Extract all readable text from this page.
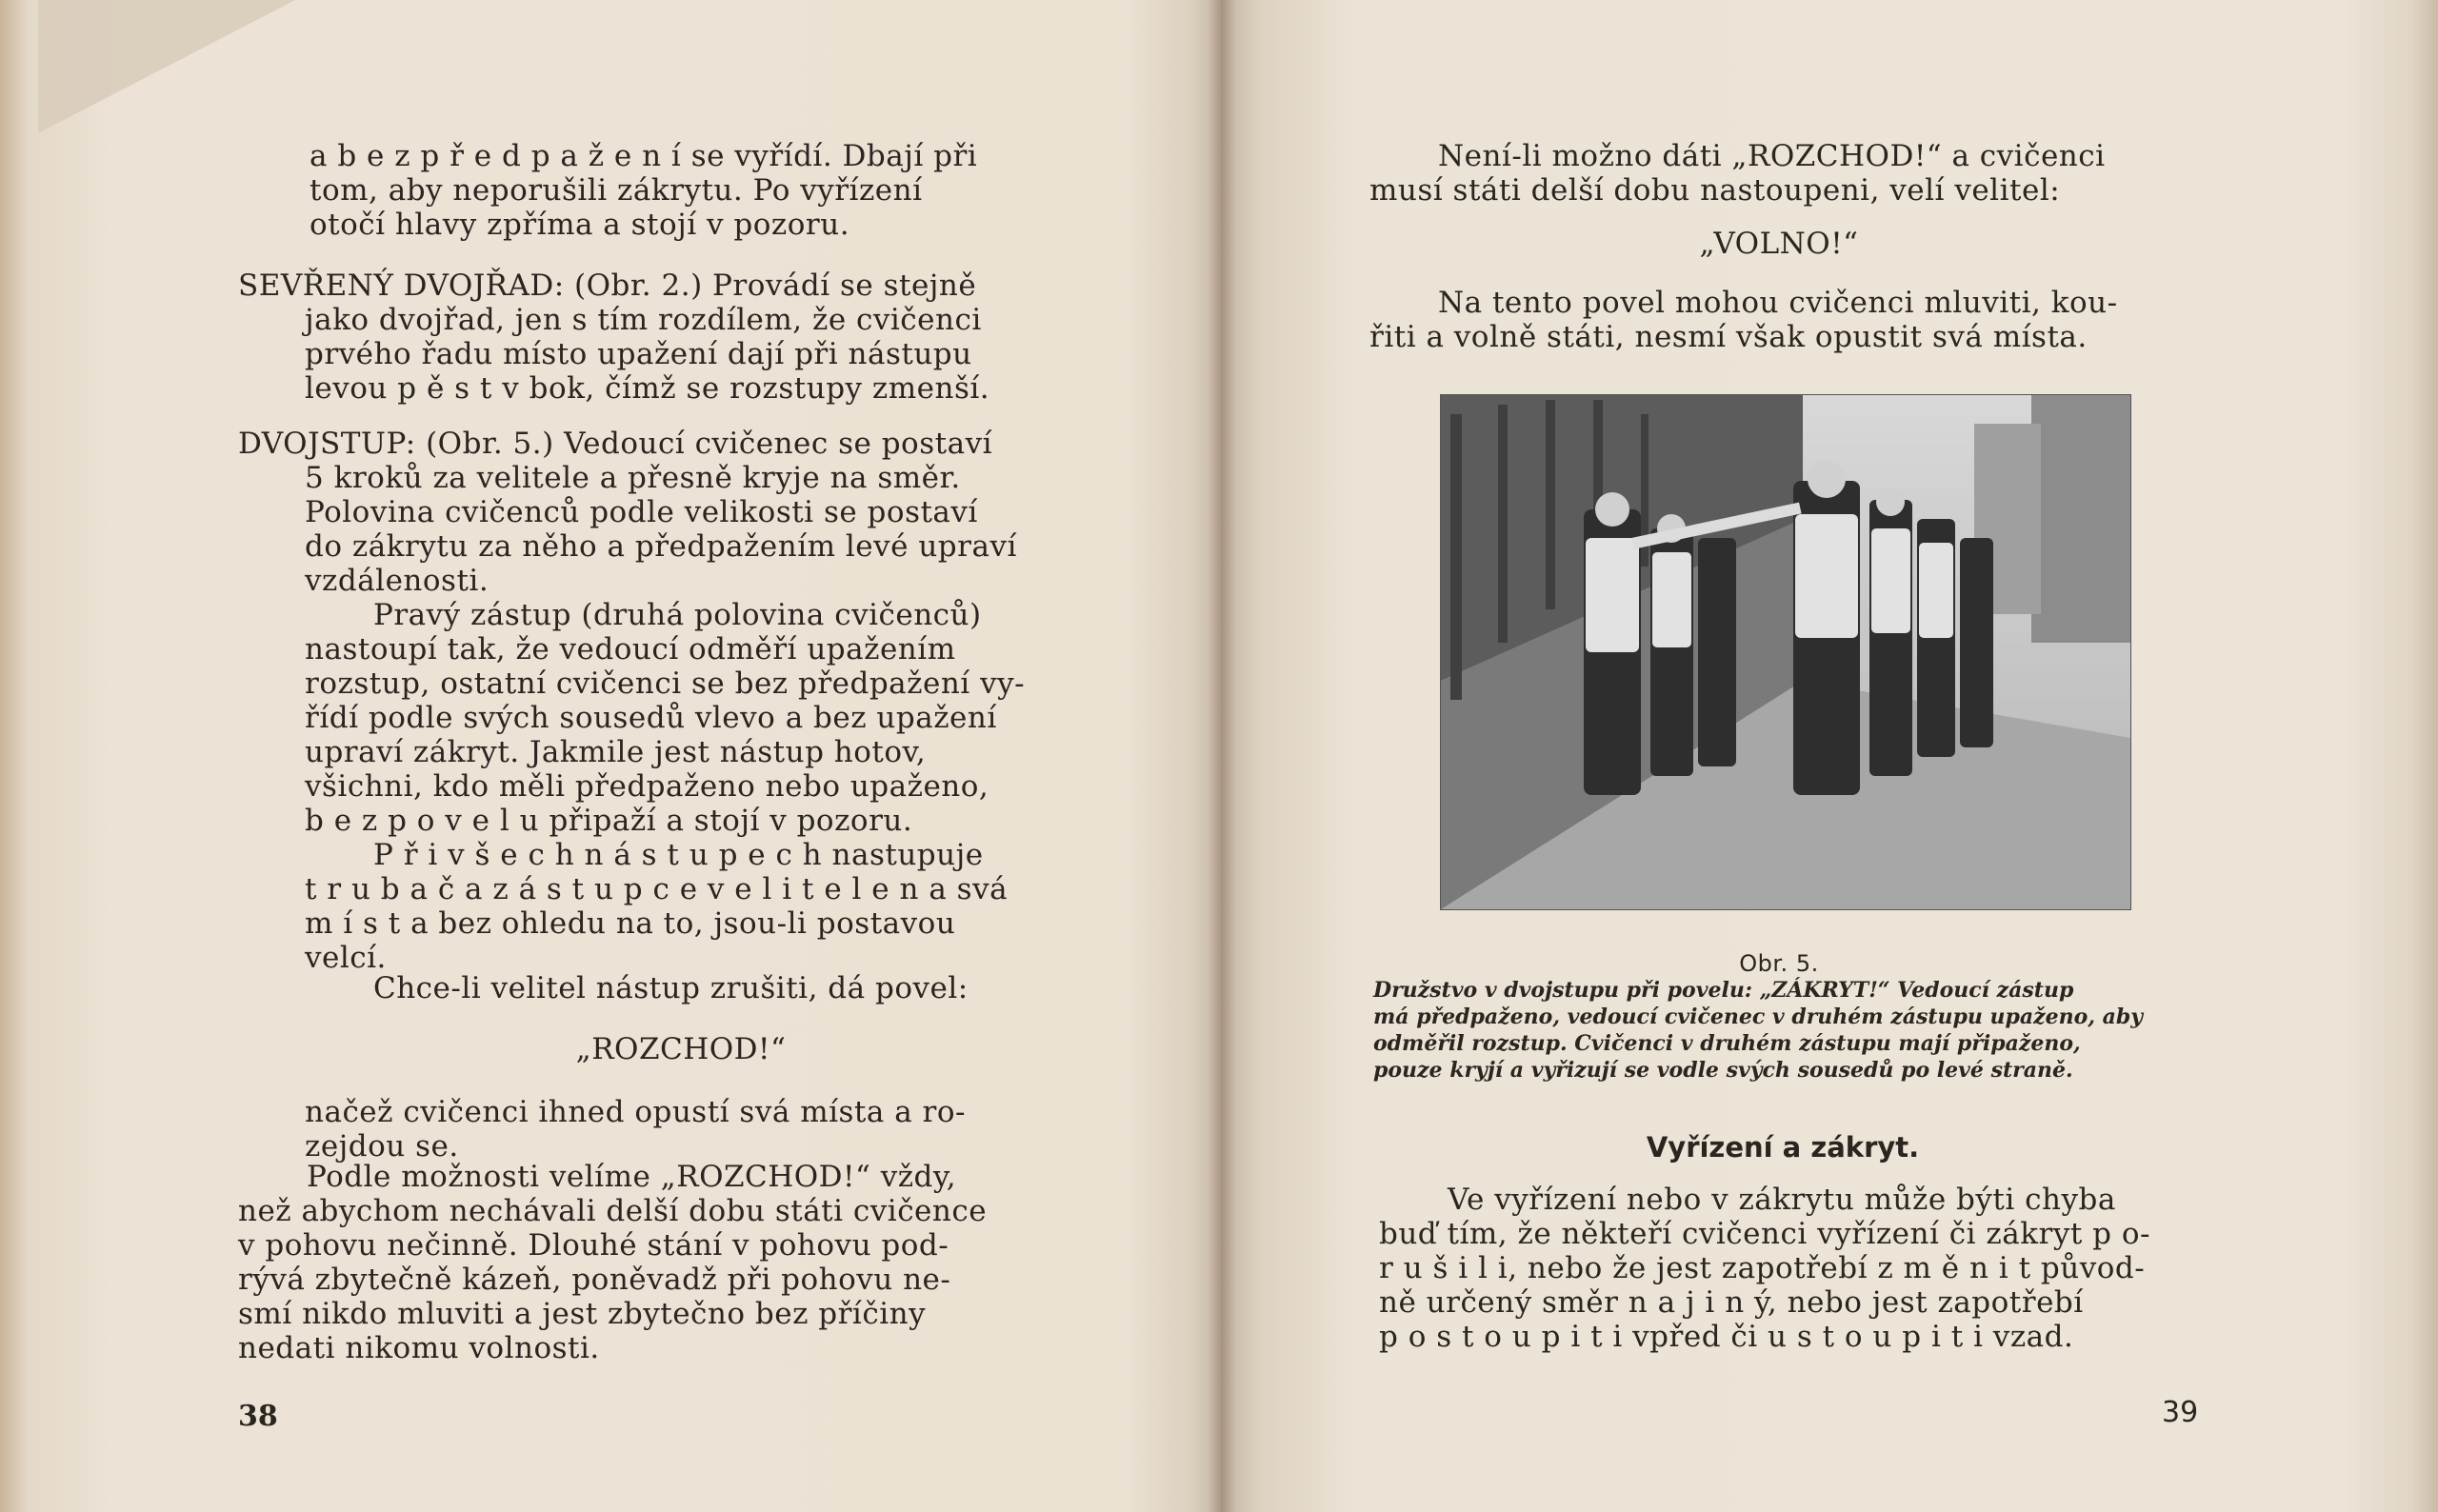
a b e z p ř e d p a ž e n í se vyřídí. Dbají při
tom, aby neporušili zákrytu. Po vyřízení
otočí hlavy zpříma a stojí v pozoru.
SEVŘENÝ DVOJŘAD: (Obr. 2.) Provádí se stejně
jako dvojřad, jen s tím rozdílem, že cvičenci
prvého řadu místo upažení dají při nástupu
levou p ě s t v bok, čímž se rozstupy zmenší.
DVOJSTUP: (Obr. 5.) Vedoucí cvičenec se postaví
5 kroků za velitele a přesně kryje na směr.
Polovina cvičenců podle velikosti se postaví
do zákrytu za něho a předpažením levé upraví
vzdálenosti.
Pravý zástup (druhá polovina cvičenců)
nastoupí tak, že vedoucí odměří upažením
rozstup, ostatní cvičenci se bez předpažení vy-
řídí podle svých sousedů vlevo a bez upažení
upraví zákryt. Jakmile jest nástup hotov,
všichni, kdo měli předpaženo nebo upaženo,
b e z p o v e l u připaží a stojí v pozoru.
P ř i v š e c h n á s t u p e c h nastupuje
t r u b a č a z á s t u p c e v e l i t e l e n a svá
m í s t a bez ohledu na to, jsou-li postavou
velcí.
Chce-li velitel nástup zrušiti, dá povel:
„ROZCHOD!“
načež cvičenci ihned opustí svá místa a ro-
zejdou se.
Podle možnosti velíme „ROZCHOD!“ vždy,
než abychom nechávali delší dobu státi cvičence
v pohovu nečinně. Dlouhé stání v pohovu pod-
rývá zbytečně kázeň, poněvadž při pohovu ne-
smí nikdo mluviti a jest zbytečno bez příčiny
nedati nikomu volnosti.
38
Není-li možno dáti „ROZCHOD!“ a cvičenci
musí státi delší dobu nastoupeni, velí velitel:
„VOLNO!“
Na tento povel mohou cvičenci mluviti, kou-
řiti a volně státi, nesmí však opustit svá místa.
Obr. 5.
Družstvo v dvojstupu při povelu: „ZÁKRYT!“ Vedoucí zástup
má předpaženo, vedoucí cvičenec v druhém zástupu upaženo, aby
odměřil rozstup. Cvičenci v druhém zástupu mají připaženo,
pouze kryjí a vyřizují se vodle svých sousedů po levé straně.
Vyřízení a zákryt.
Ve vyřízení nebo v zákrytu může býti chyba
buď tím, že někteří cvičenci vyřízení či zákryt p o-
r u š i l i, nebo že jest zapotřebí z m ě n i t původ-
ně určený směr n a j i n ý, nebo jest zapotřebí
p o s t o u p i t i vpřed či u s t o u p i t i vzad.
39
